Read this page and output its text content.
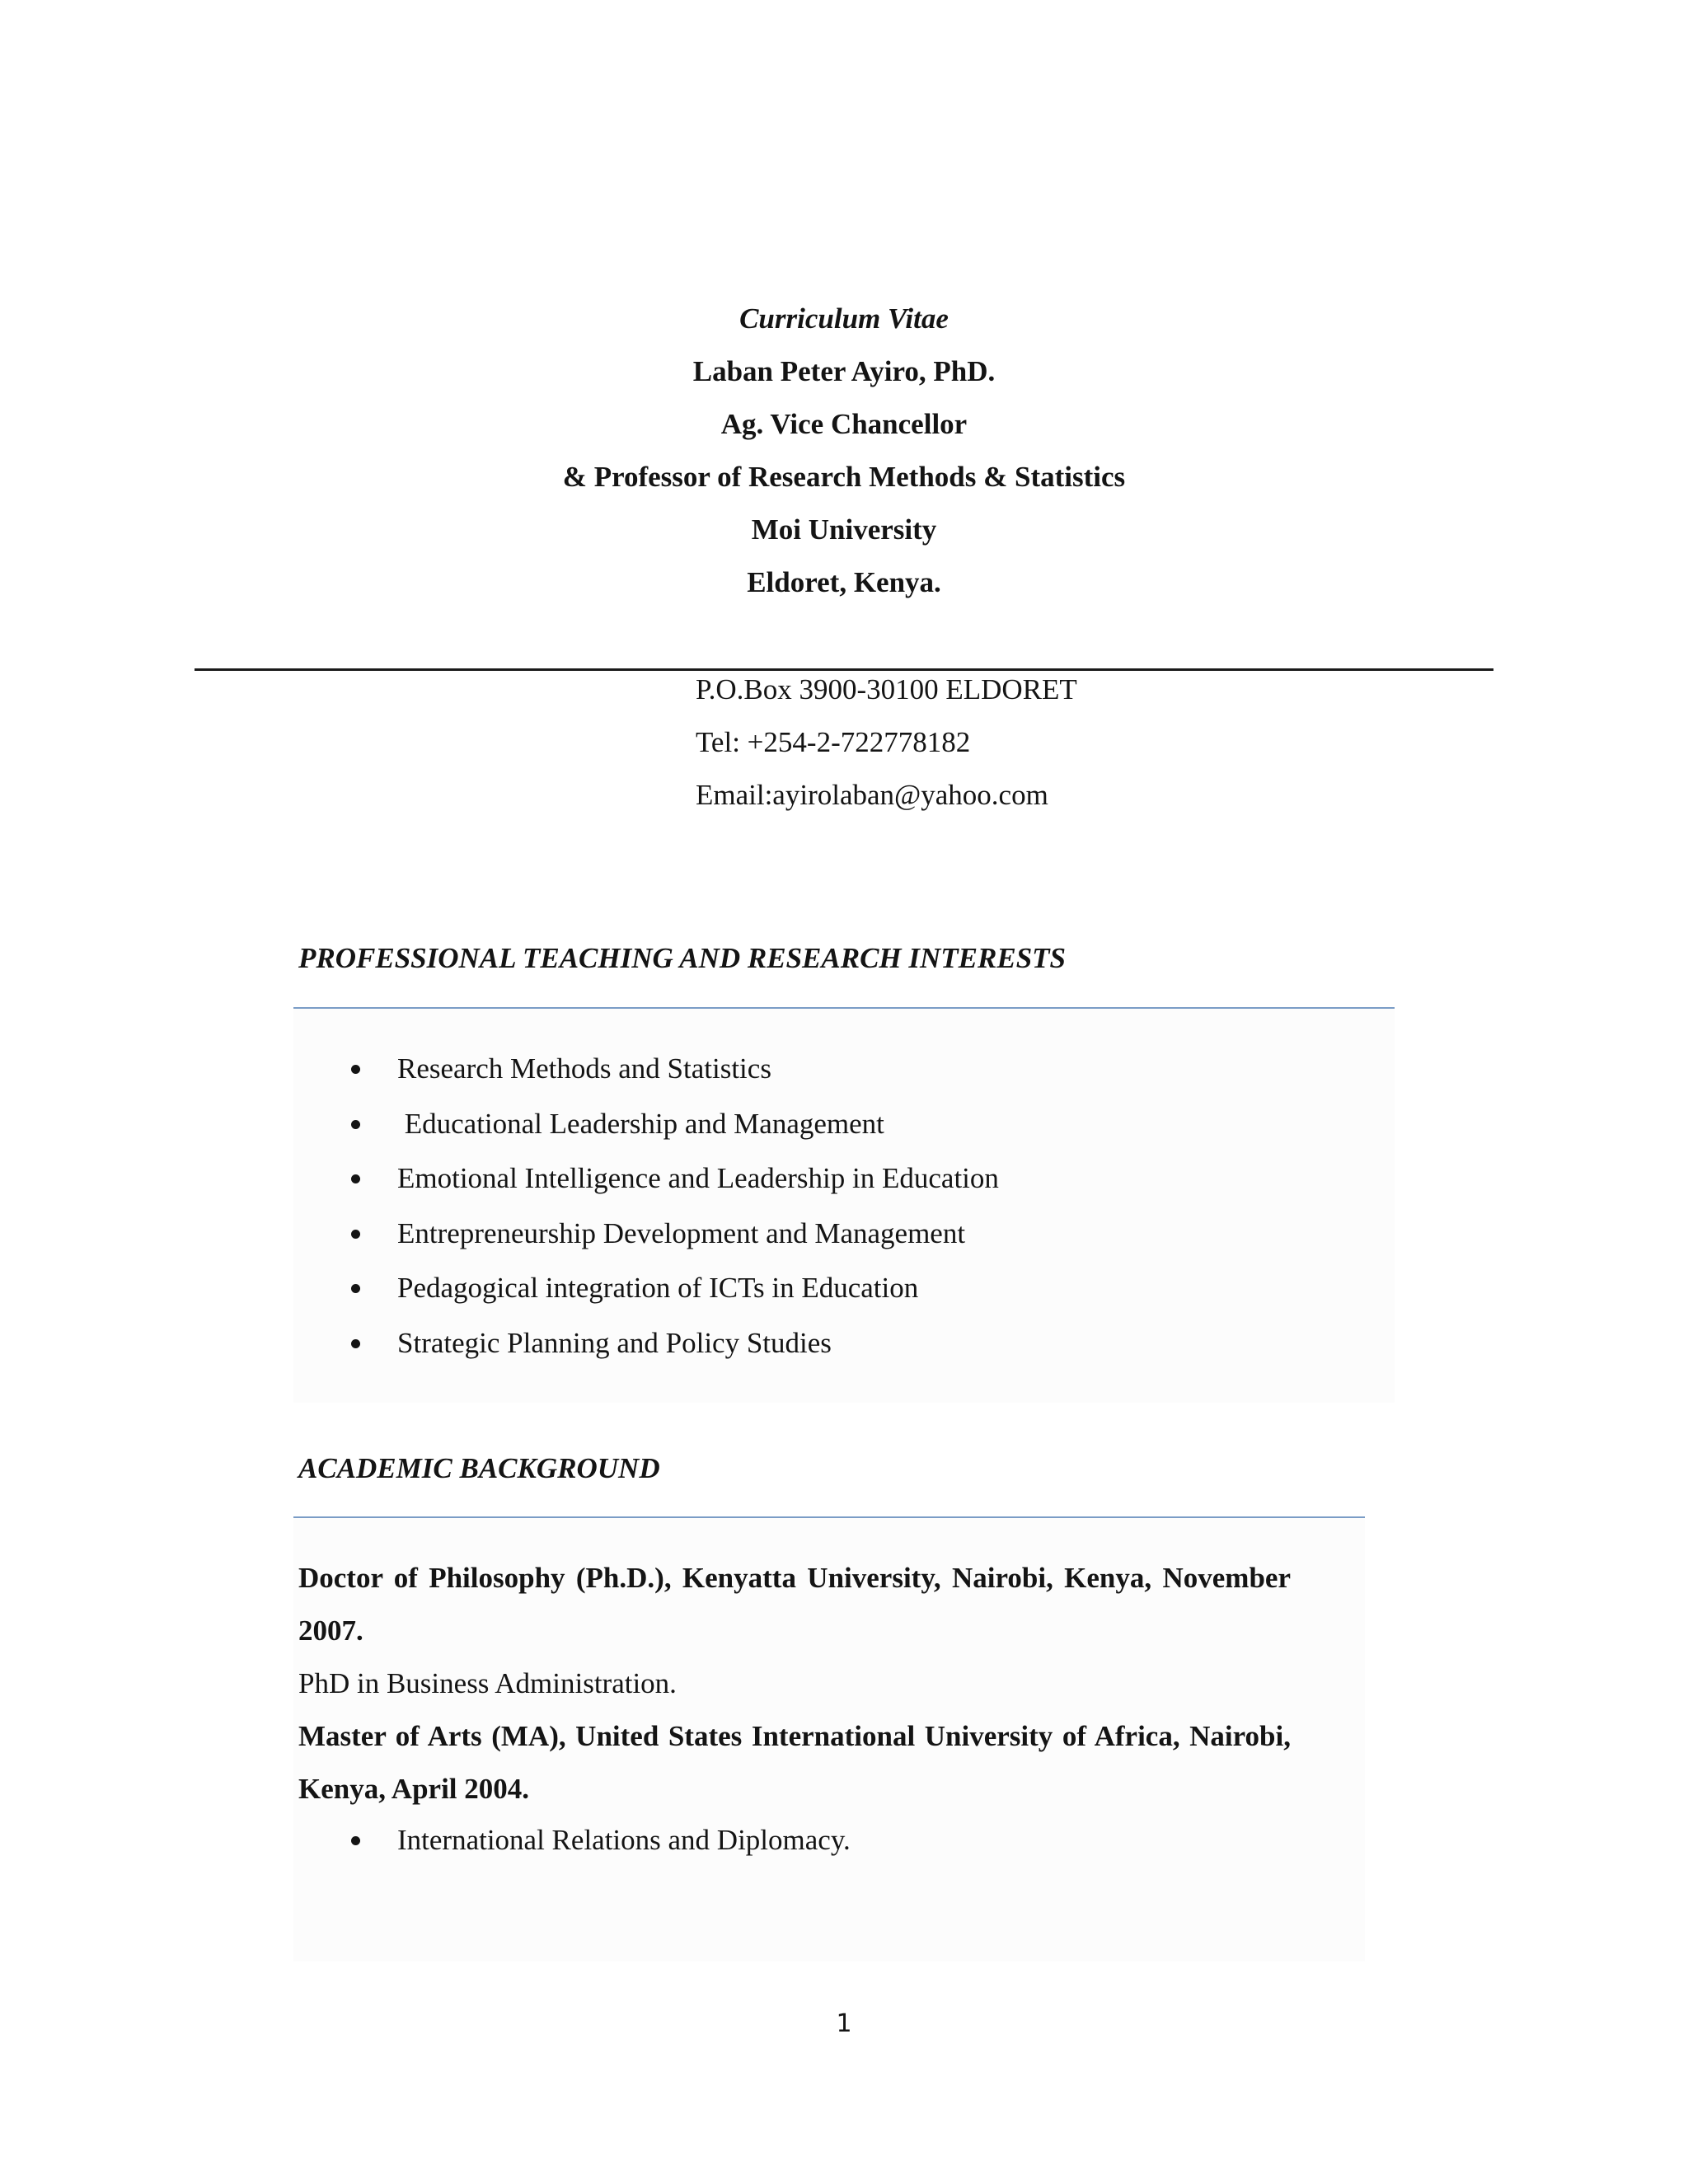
Curriculum Vitae
Laban Peter Ayiro, PhD.
Ag. Vice Chancellor
& Professor of Research Methods & Statistics
Moi University
Eldoret, Kenya.
P.O.Box 3900-30100 ELDORET
Tel: +254-2-722778182
Email:ayirolaban@yahoo.com
PROFESSIONAL TEACHING AND RESEARCH INTERESTS
Research Methods and Statistics
Educational Leadership and Management
Emotional Intelligence and Leadership in Education
Entrepreneurship Development and Management
Pedagogical integration of ICTs in Education
Strategic Planning and Policy Studies
ACADEMIC BACKGROUND
Doctor of Philosophy (Ph.D.), Kenyatta University, Nairobi, Kenya, November 2007.
PhD in Business Administration.
Master of Arts (MA), United States International University of Africa, Nairobi, Kenya, April 2004.
International Relations and Diplomacy.
1
